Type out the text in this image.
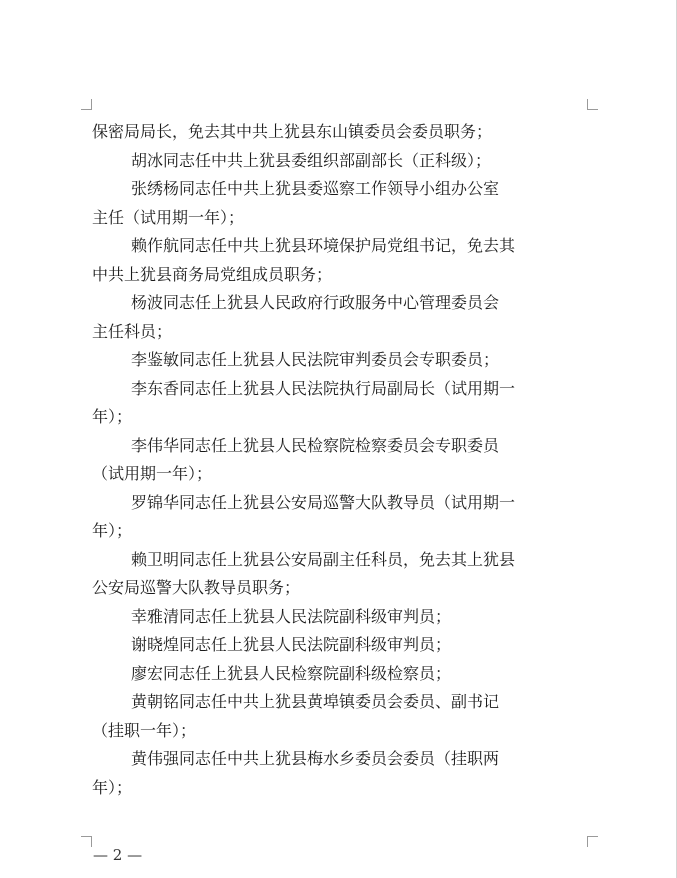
保密局局长，免去其中共上犹县东山镇委员会委员职务；
胡冰同志任中共上犹县委组织部副部长（正科级）；
张绣杨同志任中共上犹县委巡察工作领导小组办公室
主任（试用期一年）；
赖作航同志任中共上犹县环境保护局党组书记，免去其
中共上犹县商务局党组成员职务；
杨波同志任上犹县人民政府行政服务中心管理委员会
主任科员；
李鉴敏同志任上犹县人民法院审判委员会专职委员；
李东香同志任上犹县人民法院执行局副局长（试用期一
年）；
李伟华同志任上犹县人民检察院检察委员会专职委员
（试用期一年）；
罗锦华同志任上犹县公安局巡警大队教导员（试用期一
年）；
赖卫明同志任上犹县公安局副主任科员，免去其上犹县
公安局巡警大队教导员职务；
幸雅清同志任上犹县人民法院副科级审判员；
谢晓煌同志任上犹县人民法院副科级审判员；
廖宏同志任上犹县人民检察院副科级检察员；
黄朝铭同志任中共上犹县黄埠镇委员会委员、副书记
（挂职一年）；
黄伟强同志任中共上犹县梅水乡委员会委员（挂职两
年）；
— 2 —
